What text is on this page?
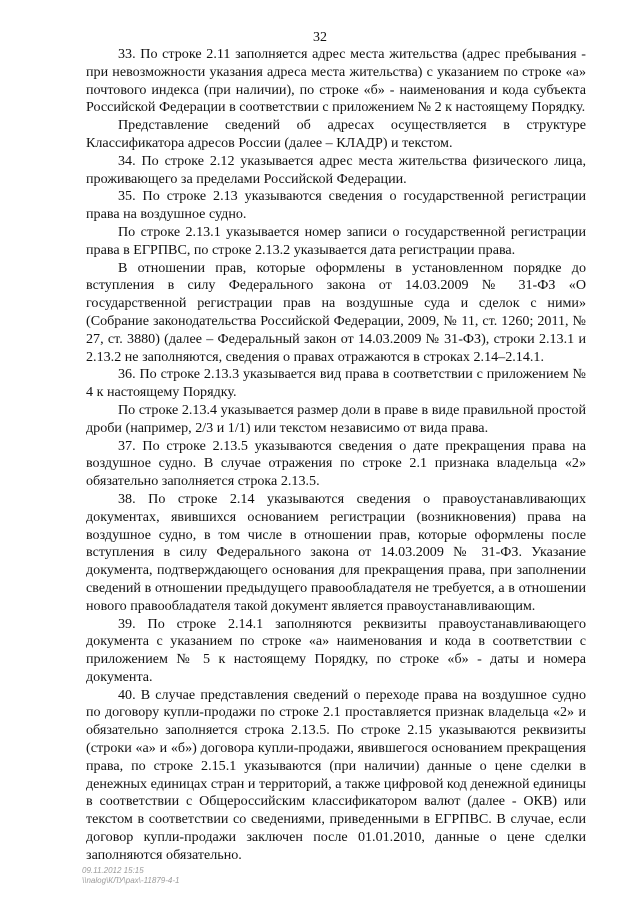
32

33. По строке 2.11 заполняется адрес места жительства (адрес пребывания - при невозможности указания адреса места жительства) с указанием по строке «а» почтового индекса (при наличии), по строке «б» - наименования и кода субъекта Российской Федерации в соответствии с приложением № 2 к настоящему Порядку.

Представление сведений об адресах осуществляется в структуре Классификатора адресов России (далее – КЛАДР) и текстом.

34. По строке 2.12 указывается адрес места жительства физического лица, проживающего за пределами Российской Федерации.

35. По строке 2.13 указываются сведения о государственной регистрации права на воздушное судно.

По строке 2.13.1 указывается номер записи о государственной регистрации права в ЕГРПВС, по строке 2.13.2 указывается дата регистрации права.

В отношении прав, которые оформлены в установленном порядке до вступления в силу Федерального закона от 14.03.2009 № 31-ФЗ «О государственной регистрации прав на воздушные суда и сделок с ними» (Собрание законодательства Российской Федерации, 2009, № 11, ст. 1260; 2011, № 27, ст. 3880) (далее – Федеральный закон от 14.03.2009 № 31-ФЗ), строки 2.13.1 и 2.13.2 не заполняются, сведения о правах отражаются в строках 2.14–2.14.1.

36. По строке 2.13.3 указывается вид права в соответствии с приложением № 4 к настоящему Порядку.

По строке 2.13.4 указывается размер доли в праве в виде правильной простой дроби (например, 2/3 и 1/1) или текстом независимо от вида права.

37. По строке 2.13.5 указываются сведения о дате прекращения права на воздушное судно. В случае отражения по строке 2.1 признака владельца «2» обязательно заполняется строка 2.13.5.

38. По строке 2.14 указываются сведения о правоустанавливающих документах, явившихся основанием регистрации (возникновения) права на воздушное судно, в том числе в отношении прав, которые оформлены после вступления в силу Федерального закона от 14.03.2009 № 31-ФЗ. Указание документа, подтверждающего основания для прекращения права, при заполнении сведений в отношении предыдущего правообладателя не требуется, а в отношении нового правообладателя такой документ является правоустанавливающим.

39. По строке 2.14.1 заполняются реквизиты правоустанавливающего документа с указанием по строке «а» наименования и кода в соответствии с приложением № 5 к настоящему Порядку, по строке «б» - даты и номера документа.

40. В случае представления сведений о переходе права на воздушное судно по договору купли-продажи по строке 2.1 проставляется признак владельца «2» и обязательно заполняется строка 2.13.5. По строке 2.15 указываются реквизиты (строки «а» и «б») договора купли-продажи, явившегося основанием прекращения права, по строке 2.15.1 указываются (при наличии) данные о цене сделки в денежных единицах стран и территорий, а также цифровой код денежной единицы в соответствии с Общероссийским классификатором валют (далее - ОКВ) или текстом в соответствии со сведениями, приведенными в ЕГРПВС. В случае, если договор купли-продажи заключен после 01.01.2010, данные о цене сделки заполняются обязательно.

09.11.2012 15:15
\\nalog\КЛУ\рах\-11879-4-1
